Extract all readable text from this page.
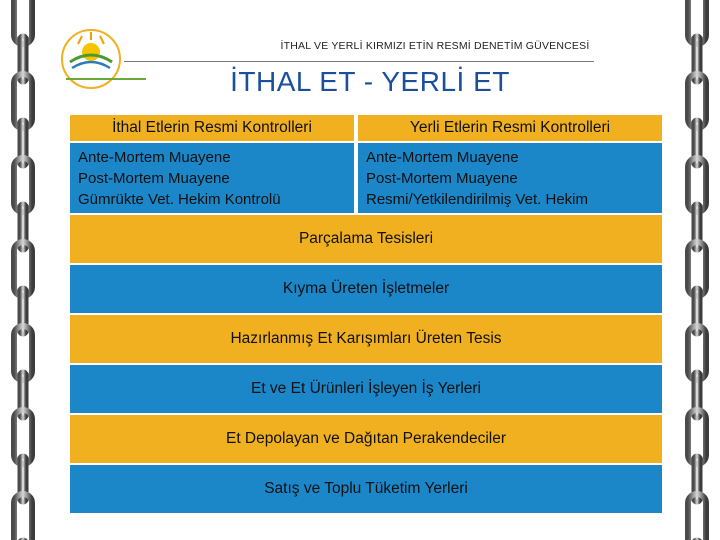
İTHAL VE YERLİ KIRMIZI ETİN RESMİ DENETİM GÜVENCESİ
İTHAL ET - YERLİ ET
İthal Etlerin Resmi Kontrolleri	Yerli Etlerin Resmi Kontrolleri
Ante-Mortem Muayene
Post-Mortem Muayene
Gümrükte Vet. Hekim Kontrolü
Ante-Mortem Muayene
Post-Mortem Muayene
Resmi/Yetkilendirilmiş Vet. Hekim
Parçalama Tesisleri
Kıyma Üreten İşletmeler
Hazırlanmış Et Karışımları Üreten Tesis
Et ve Et Ürünleri İşleyen İş Yerleri
Et Depolayan ve Dağıtan Perakendeciler
Satış ve Toplu Tüketim Yerleri
